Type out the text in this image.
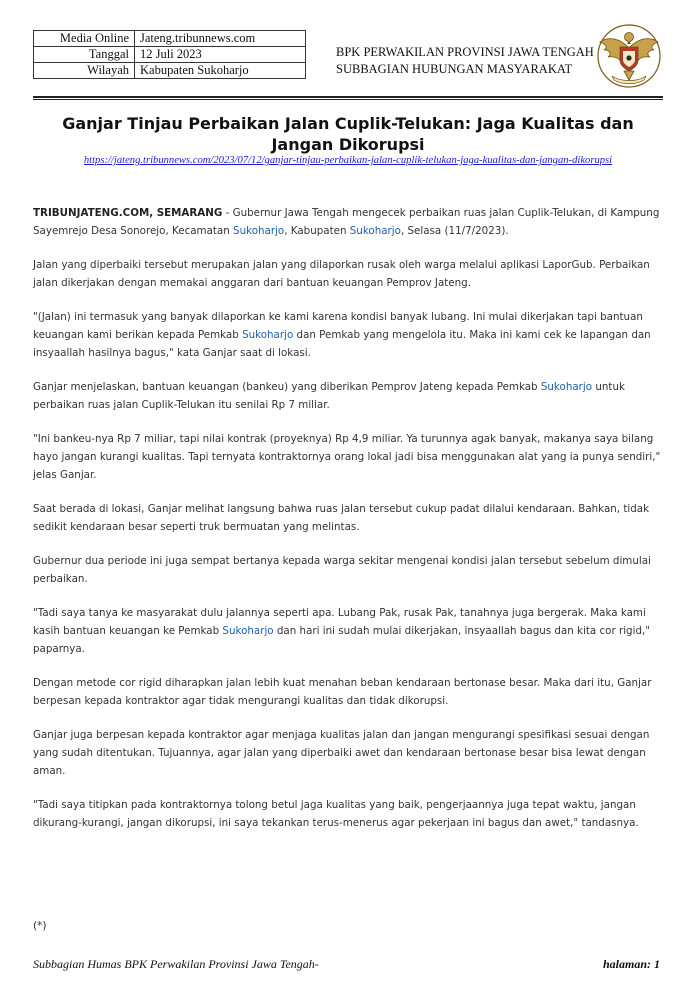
Media Online	Jateng.tribunnews.com
Tanggal	12 Juli 2023
Wilayah	Kabupaten Sukoharjo
BPK PERWAKILAN PROVINSI JAWA TENGAH
SUBBAGIAN HUBUNGAN MASYARAKAT
Ganjar Tinjau Perbaikan Jalan Cuplik-Telukan: Jaga Kualitas dan Jangan Dikorupsi
https://jateng.tribunnews.com/2023/07/12/ganjar-tinjau-perbaikan-jalan-cuplik-telukan-jaga-kualitas-dan-jangan-dikorupsi

TRIBUNJATENG.COM, SEMARANG - Gubernur Jawa Tengah mengecek perbaikan ruas jalan Cuplik-Telukan, di Kampung Sayemrejo Desa Sonorejo, Kecamatan Sukoharjo, Kabupaten Sukoharjo, Selasa (11/7/2023).

Jalan yang diperbaiki tersebut merupakan jalan yang dilaporkan rusak oleh warga melalui aplikasi LaporGub. Perbaikan jalan dikerjakan dengan memakai anggaran dari bantuan keuangan Pemprov Jateng.

"(Jalan) ini termasuk yang banyak dilaporkan ke kami karena kondisi banyak lubang. Ini mulai dikerjakan tapi bantuan keuangan kami berikan kepada Pemkab Sukoharjo dan Pemkab yang mengelola itu. Maka ini kami cek ke lapangan dan insyaallah hasilnya bagus," kata Ganjar saat di lokasi.

Ganjar menjelaskan, bantuan keuangan (bankeu) yang diberikan Pemprov Jateng kepada Pemkab Sukoharjo untuk perbaikan ruas jalan Cuplik-Telukan itu senilai Rp 7 miliar.

"Ini bankeu-nya Rp 7 miliar, tapi nilai kontrak (proyeknya) Rp 4,9 miliar. Ya turunnya agak banyak, makanya saya bilang hayo jangan kurangi kualitas. Tapi ternyata kontraktornya orang lokal jadi bisa menggunakan alat yang ia punya sendiri," jelas Ganjar.

Saat berada di lokasi, Ganjar melihat langsung bahwa ruas jalan tersebut cukup padat dilalui kendaraan. Bahkan, tidak sedikit kendaraan besar seperti truk bermuatan yang melintas.

Gubernur dua periode ini juga sempat bertanya kepada warga sekitar mengenai kondisi jalan tersebut sebelum dimulai perbaikan.

"Tadi saya tanya ke masyarakat dulu jalannya seperti apa. Lubang Pak, rusak Pak, tanahnya juga bergerak. Maka kami kasih bantuan keuangan ke Pemkab Sukoharjo dan hari ini sudah mulai dikerjakan, insyaallah bagus dan kita cor rigid," paparnya.

Dengan metode cor rigid diharapkan jalan lebih kuat menahan beban kendaraan bertonase besar. Maka dari itu, Ganjar berpesan kepada kontraktor agar tidak mengurangi kualitas dan tidak dikorupsi.

Ganjar juga berpesan kepada kontraktor agar menjaga kualitas jalan dan jangan mengurangi spesifikasi sesuai dengan yang sudah ditentukan. Tujuannya, agar jalan yang diperbaiki awet dan kendaraan bertonase besar bisa lewat dengan aman.

"Tadi saya titipkan pada kontraktornya tolong betul jaga kualitas yang baik, pengerjaannya juga tepat waktu, jangan dikurang-kurangi, jangan dikorupsi, ini saya tekankan terus-menerus agar pekerjaan ini bagus dan awet," tandasnya.

(*)
Subbagian Humas BPK Perwakilan Provinsi Jawa Tengah-	halaman: 1
